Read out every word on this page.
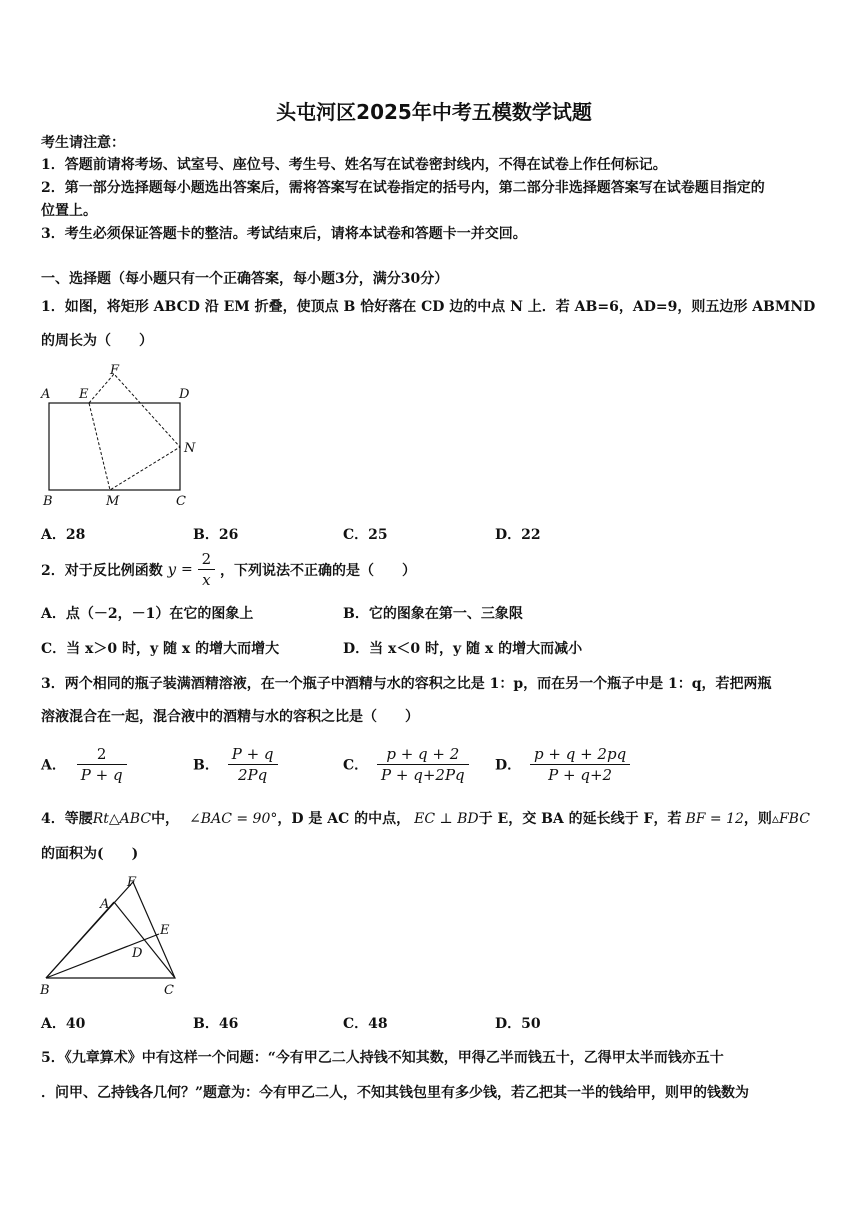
头屯河区2025年中考五模数学试题
考生请注意：
1．答题前请将考场、试室号、座位号、考生号、姓名写在试卷密封线内，不得在试卷上作任何标记。
2．第一部分选择题每小题选出答案后，需将答案写在试卷指定的括号内，第二部分非选择题答案写在试卷题目指定的
位置上。
3．考生必须保证答题卡的整洁。考试结束后，请将本试卷和答题卡一并交回。
一、选择题（每小题只有一个正确答案，每小题3分，满分30分）
1．如图，将矩形 ABCD 沿 EM 折叠，使顶点 B 恰好落在 CD 边的中点 N 上．若 AB=6，AD=9，则五边形 ABMND
的周长为（　　）
A E
F
D
N
B	M	C
A．28	B．26	C．25	D．22
2．对于反比例函数 $y = \frac{2}{x}$ ，下列说法不正确的是（　　）
A．点（－2，－1）在它的图象上	B．它的图象在第一、三象限
C．当 x＞0 时，y 随 x 的增大而增大	D．当 x＜0 时，y 随 x 的增大而减小
3．两个相同的瓶子装满酒精溶液，在一个瓶子中酒精与水的容积之比是 1：p，而在另一个瓶子中是 1：q，若把两瓶
溶液混合在一起，混合液中的酒精与水的容积之比是（　　）
A． $\frac{2}{P + q}$	B． $\frac{P + q}{2Pq}$	C． $\frac{p + q + 2}{P + q+2Pq}$ D． $\frac{p + q + 2pq}{P + q+2}$
4．等腰Rt△ABC中， ∠BAC = 90°，D 是 AC 的中点， EC ⊥ BD于 E，交 BA 的延长线于 F，若 BF = 12，则▵FBC
的面积为(　　)
F
A
E
D
B	C
A．40	B．46	C．48	D．50
5．《九章算术》中有这样一个问题：“今有甲乙二人持钱不知其数，甲得乙半而钱五十，乙得甲太半而钱亦五十
．问甲、乙持钱各几何？”题意为：今有甲乙二人，不知其钱包里有多少钱，若乙把其一半的钱给甲，则甲的钱数为
